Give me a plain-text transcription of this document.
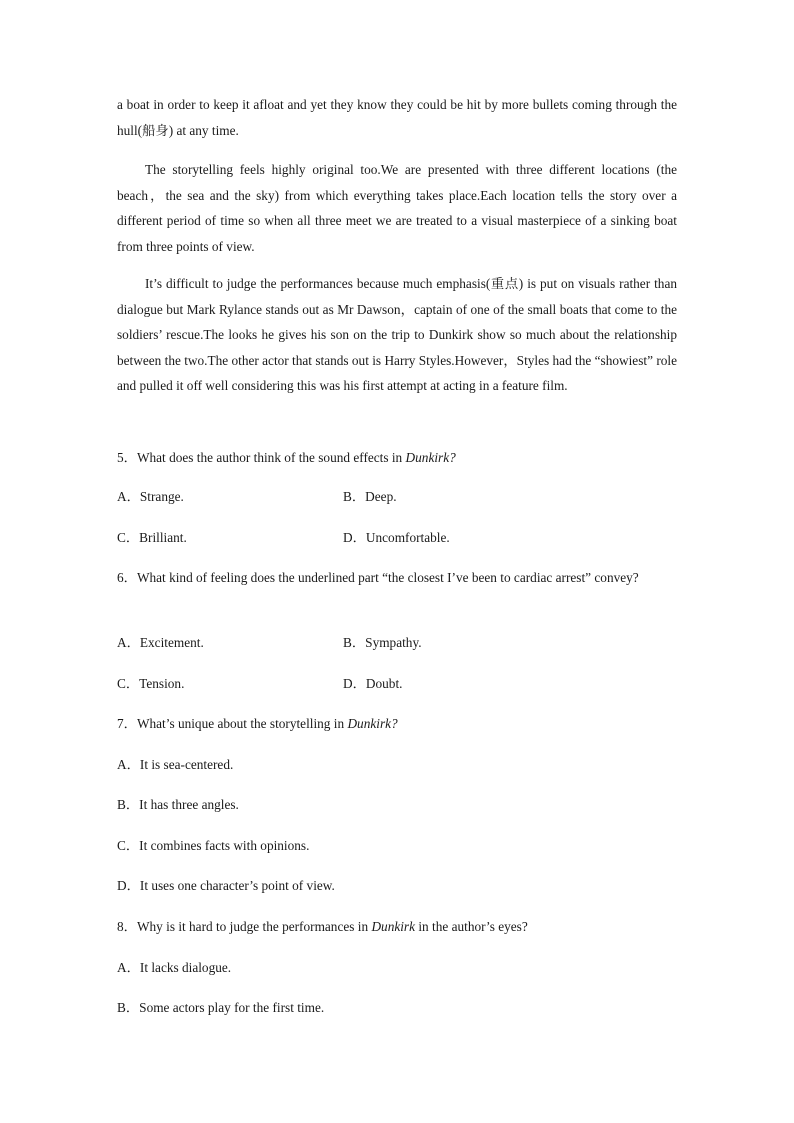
a boat in order to keep it afloat and yet they know they could be hit by more bullets coming through the hull(船身) at any time.

The storytelling feels highly original too.We are presented with three different locations (the beach，the sea and the sky) from which everything takes place.Each location tells the story over a different period of time so when all three meet we are treated to a visual masterpiece of a sinking boat from three points of view.

It’s difficult to judge the performances because much emphasis(重点) is put on visuals rather than dialogue but Mark Rylance stands out as Mr Dawson，captain of one of the small boats that come to the soldiers’ rescue.The looks he gives his son on the trip to Dunkirk show so much about the relationship between the two.The other actor that stands out is Harry Styles.However，Styles had the “showiest” role and pulled it off well considering this was his first attempt at acting in a feature film.

5．What does the author think of the sound effects in Dunkirk?

A．Strange.	B．Deep.

C．Brilliant.	D．Uncomfortable.

6．What kind of feeling does the underlined part “the closest I’ve been to cardiac arrest” convey?

A．Excitement.	B．Sympathy.

C．Tension.	D．Doubt.

7．What’s unique about the storytelling in Dunkirk?

A．It is sea-centered.

B．It has three angles.

C．It combines facts with opinions.

D．It uses one character’s point of view.

8．Why is it hard to judge the performances in Dunkirk in the author’s eyes?

A．It lacks dialogue.

B．Some actors play for the first time.
